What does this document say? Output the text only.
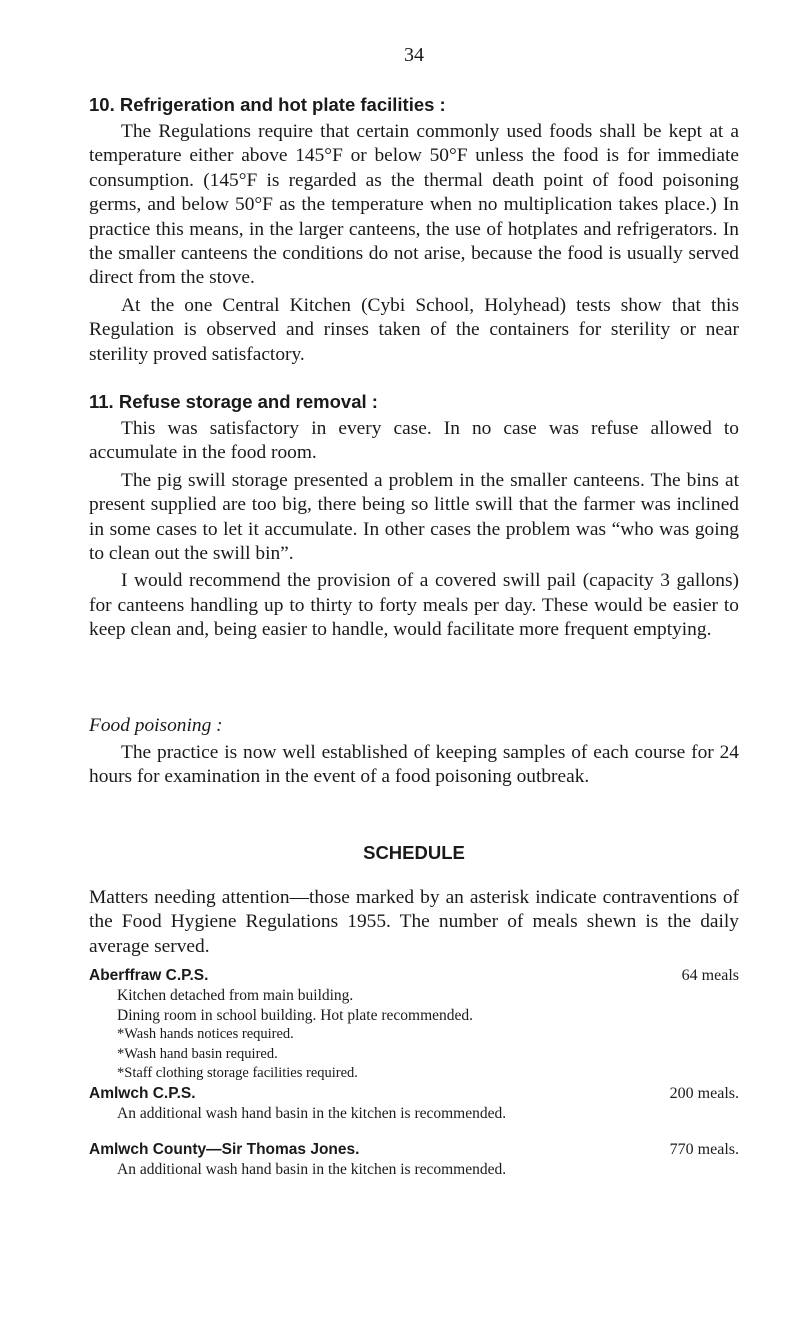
34

10. Refrigeration and hot plate facilities :

The Regulations require that certain commonly used foods shall be kept at a temperature either above 145°F or below 50°F unless the food is for immediate consumption. (145°F is regarded as the thermal death point of food poisoning germs, and below 50°F as the temperature when no multiplication takes place.) In practice this means, in the larger canteens, the use of hotplates and refrigerators. In the smaller canteens the conditions do not arise, because the food is usually served direct from the stove.

At the one Central Kitchen (Cybi School, Holyhead) tests show that this Regulation is observed and rinses taken of the containers for sterility or near sterility proved satisfactory.

11. Refuse storage and removal :

This was satisfactory in every case. In no case was refuse allowed to accumulate in the food room.

The pig swill storage presented a problem in the smaller canteens. The bins at present supplied are too big, there being so little swill that the farmer was inclined in some cases to let it accumulate. In other cases the problem was “who was going to clean out the swill bin”.

I would recommend the provision of a covered swill pail (capacity 3 gallons) for canteens handling up to thirty to forty meals per day. These would be easier to keep clean and, being easier to handle, would facilitate more frequent emptying.

Food poisoning :

The practice is now well established of keeping samples of each course for 24 hours for examination in the event of a food poisoning outbreak.

SCHEDULE

Matters needing attention—those marked by an asterisk indicate contraventions of the Food Hygiene Regulations 1955. The number of meals shewn is the daily average served.

Aberffraw C.P.S.	64 meals
Kitchen detached from main building.
Dining room in school building. Hot plate recommended.
*Wash hands notices required.
*Wash hand basin required.
*Staff clothing storage facilities required.
Amlwch C.P.S.	200 meals.
An additional wash hand basin in the kitchen is recommended.
Amlwch County—Sir Thomas Jones.	770 meals.
An additional wash hand basin in the kitchen is recommended.
